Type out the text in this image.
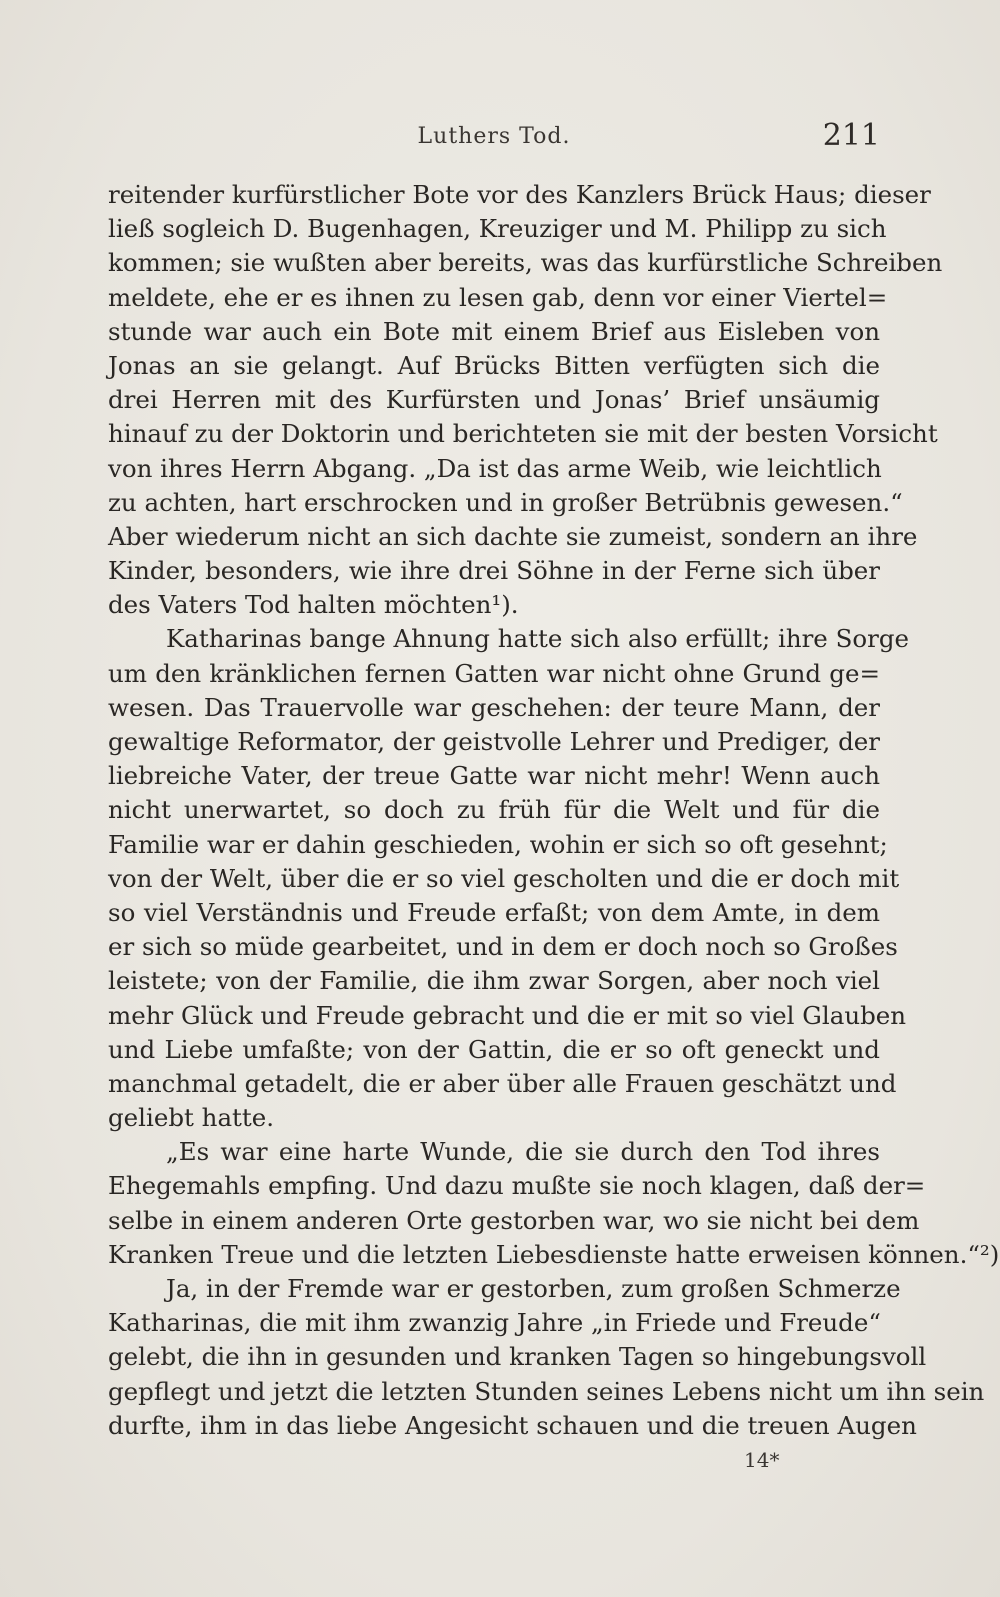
Luthers Tod.	211
reitender kurfürstlicher Bote vor des Kanzlers Brück Haus; dieser
ließ sogleich D. Bugenhagen, Kreuziger und M. Philipp zu sich
kommen; sie wußten aber bereits, was das kurfürstliche Schreiben
meldete, ehe er es ihnen zu lesen gab, denn vor einer Viertel=
stunde war auch ein Bote mit einem Brief aus Eisleben von
Jonas an sie gelangt. Auf Brücks Bitten verfügten sich die
drei Herren mit des Kurfürsten und Jonas’ Brief unsäumig
hinauf zu der Doktorin und berichteten sie mit der besten Vorsicht
von ihres Herrn Abgang. „Da ist das arme Weib, wie leichtlich
zu achten, hart erschrocken und in großer Betrübnis gewesen.“
Aber wiederum nicht an sich dachte sie zumeist, sondern an ihre
Kinder, besonders, wie ihre drei Söhne in der Ferne sich über
des Vaters Tod halten möchten¹).
Katharinas bange Ahnung hatte sich also erfüllt; ihre Sorge
um den kränklichen fernen Gatten war nicht ohne Grund ge=
wesen. Das Trauervolle war geschehen: der teure Mann, der
gewaltige Reformator, der geistvolle Lehrer und Prediger, der
liebreiche Vater, der treue Gatte war nicht mehr! Wenn auch
nicht unerwartet, so doch zu früh für die Welt und für die
Familie war er dahin geschieden, wohin er sich so oft gesehnt;
von der Welt, über die er so viel gescholten und die er doch mit
so viel Verständnis und Freude erfaßt; von dem Amte, in dem
er sich so müde gearbeitet, und in dem er doch noch so Großes
leistete; von der Familie, die ihm zwar Sorgen, aber noch viel
mehr Glück und Freude gebracht und die er mit so viel Glauben
und Liebe umfaßte; von der Gattin, die er so oft geneckt und
manchmal getadelt, die er aber über alle Frauen geschätzt und
geliebt hatte.
„Es war eine harte Wunde, die sie durch den Tod ihres
Ehegemahls empfing. Und dazu mußte sie noch klagen, daß der=
selbe in einem anderen Orte gestorben war, wo sie nicht bei dem
Kranken Treue und die letzten Liebesdienste hatte erweisen können.“²)
Ja, in der Fremde war er gestorben, zum großen Schmerze
Katharinas, die mit ihm zwanzig Jahre „in Friede und Freude“
gelebt, die ihn in gesunden und kranken Tagen so hingebungsvoll
gepflegt und jetzt die letzten Stunden seines Lebens nicht um ihn sein
durfte, ihm in das liebe Angesicht schauen und die treuen Augen
14*
